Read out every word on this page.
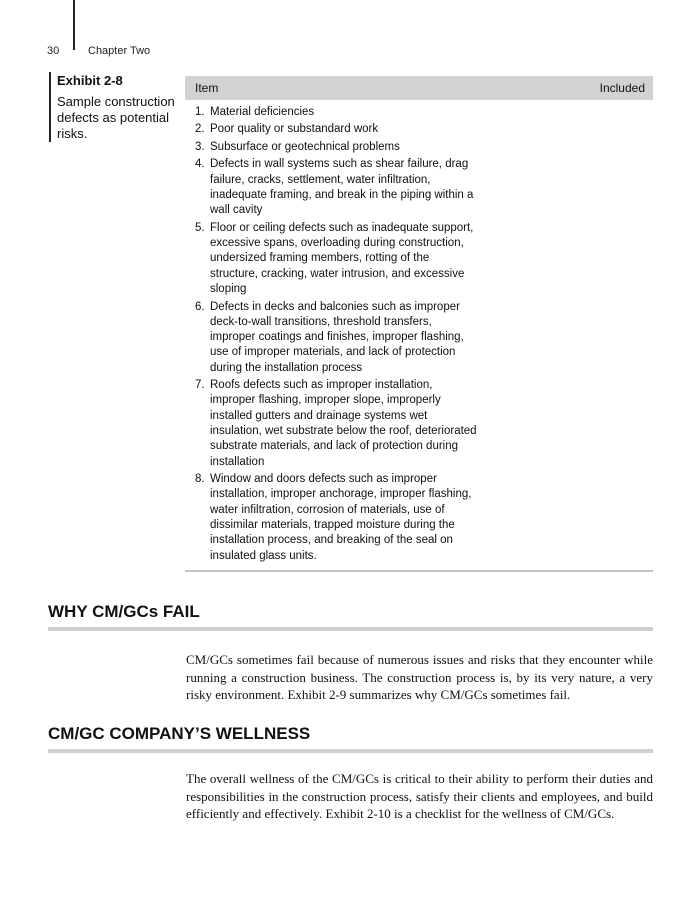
30	Chapter Two
Exhibit 2-8
Sample construction defects as potential risks.
Item	Included
1. Material deficiencies
2. Poor quality or substandard work
3. Subsurface or geotechnical problems
4. Defects in wall systems such as shear failure, drag failure, cracks, settlement, water infiltration, inadequate framing, and break in the piping within a wall cavity
5. Floor or ceiling defects such as inadequate support, excessive spans, overloading during construction, undersized framing members, rotting of the structure, cracking, water intrusion, and excessive sloping
6. Defects in decks and balconies such as improper deck-to-wall transitions, threshold transfers, improper coatings and finishes, improper flashing, use of improper materials, and lack of protection during the installation process
7. Roofs defects such as improper installation, improper flashing, improper slope, improperly installed gutters and drainage systems wet insulation, wet substrate below the roof, deteriorated substrate materials, and lack of protection during installation
8. Window and doors defects such as improper installation, improper anchorage, improper flashing, water infiltration, corrosion of materials, use of dissimilar materials, trapped moisture during the installation process, and breaking of the seal on insulated glass units.
WHY CM/GCs FAIL

CM/GCs sometimes fail because of numerous issues and risks that they encounter while running a construction business. The construction process is, by its very nature, a very risky environment. Exhibit 2-9 summarizes why CM/GCs sometimes fail.

CM/GC COMPANY’S WELLNESS

The overall wellness of the CM/GCs is critical to their ability to perform their duties and responsibilities in the construction process, satisfy their clients and employees, and build efficiently and effectively. Exhibit 2-10 is a checklist for the wellness of CM/GCs.
